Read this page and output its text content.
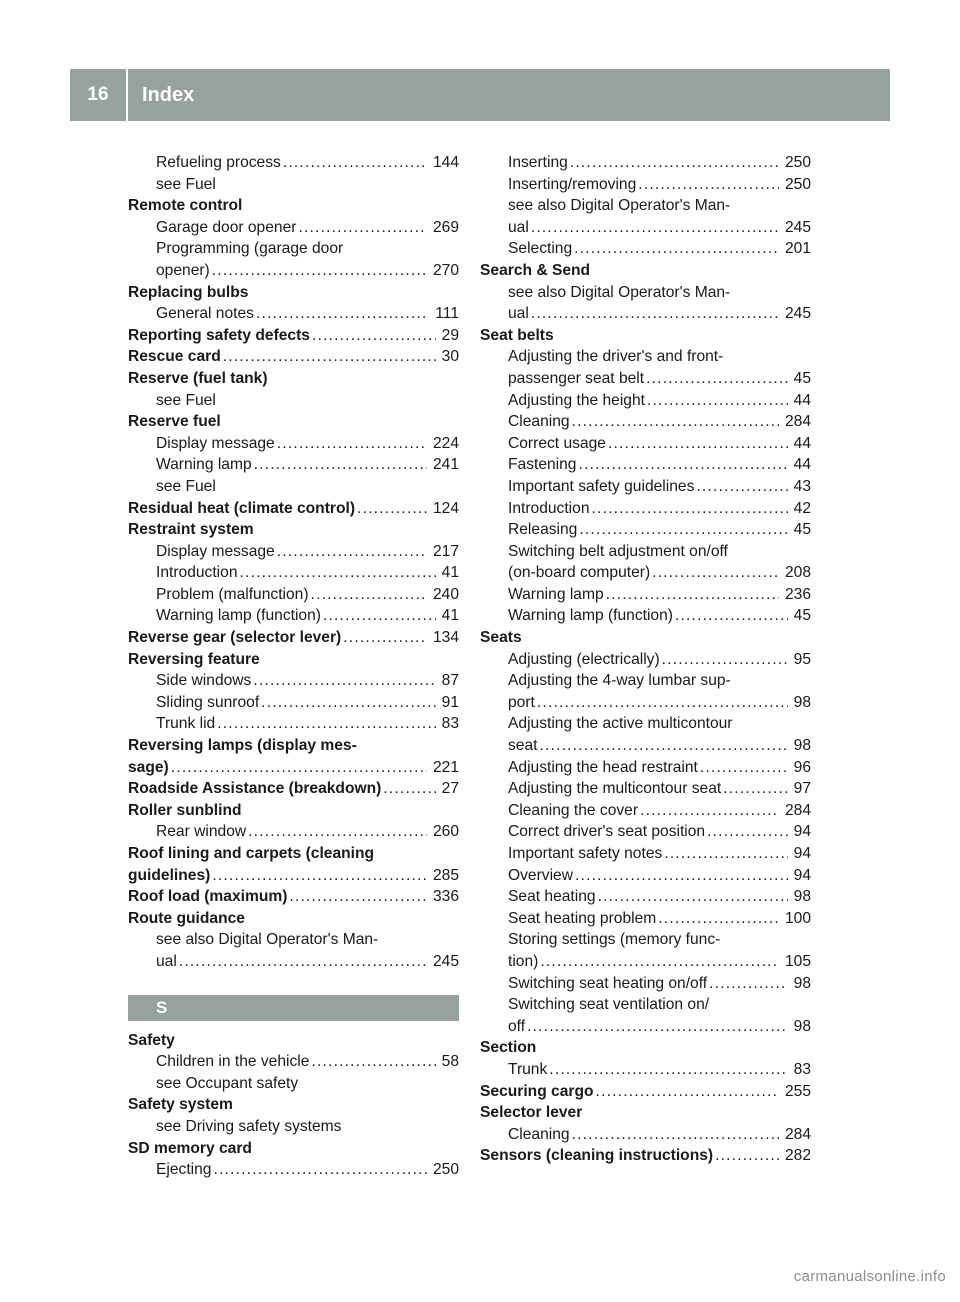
16	Index
Refueling process .....	144
see Fuel
Remote control
Garage door opener .....	269
Programming (garage door
opener) .....	270
Replacing bulbs
General notes .....	111
Reporting safety defects .....	29
Rescue card .....	30
Reserve (fuel tank)
see Fuel
Reserve fuel
Display message .....	224
Warning lamp .....	241
see Fuel
Residual heat (climate control) .....	124
Restraint system
Display message .....	217
Introduction .....	41
Problem (malfunction) .....	240
Warning lamp (function) .....	41
Reverse gear (selector lever) .....	134
Reversing feature
Side windows .....	87
Sliding sunroof .....	91
Trunk lid .....	83
Reversing lamps (display mes-
sage) .....	221
Roadside Assistance (breakdown) .....	27
Roller sunblind
Rear window .....	260
Roof lining and carpets (cleaning
guidelines) .....	285
Roof load (maximum) .....	336
Route guidance
see also Digital Operator's Man-
ual .....	245
S
Safety
Children in the vehicle .....	58
see Occupant safety
Safety system
see Driving safety systems
SD memory card
Ejecting .....	250
Inserting .....	250
Inserting/removing .....	250
see also Digital Operator's Man-
ual .....	245
Selecting .....	201
Search & Send
see also Digital Operator's Man-
ual .....	245
Seat belts
Adjusting the driver's and front-
passenger seat belt .....	45
Adjusting the height .....	44
Cleaning .....	284
Correct usage .....	44
Fastening .....	44
Important safety guidelines .....	43
Introduction .....	42
Releasing .....	45
Switching belt adjustment on/off
(on-board computer) .....	208
Warning lamp .....	236
Warning lamp (function) .....	45
Seats
Adjusting (electrically) .....	95
Adjusting the 4-way lumbar sup-
port .....	98
Adjusting the active multicontour
seat .....	98
Adjusting the head restraint .....	96
Adjusting the multicontour seat .....	97
Cleaning the cover .....	284
Correct driver's seat position .....	94
Important safety notes .....	94
Overview .....	94
Seat heating .....	98
Seat heating problem .....	100
Storing settings (memory func-
tion) .....	105
Switching seat heating on/off .....	98
Switching seat ventilation on/
off .....	98
Section
Trunk .....	83
Securing cargo .....	255
Selector lever
Cleaning .....	284
Sensors (cleaning instructions) .....	282
carmanualsonline.info
